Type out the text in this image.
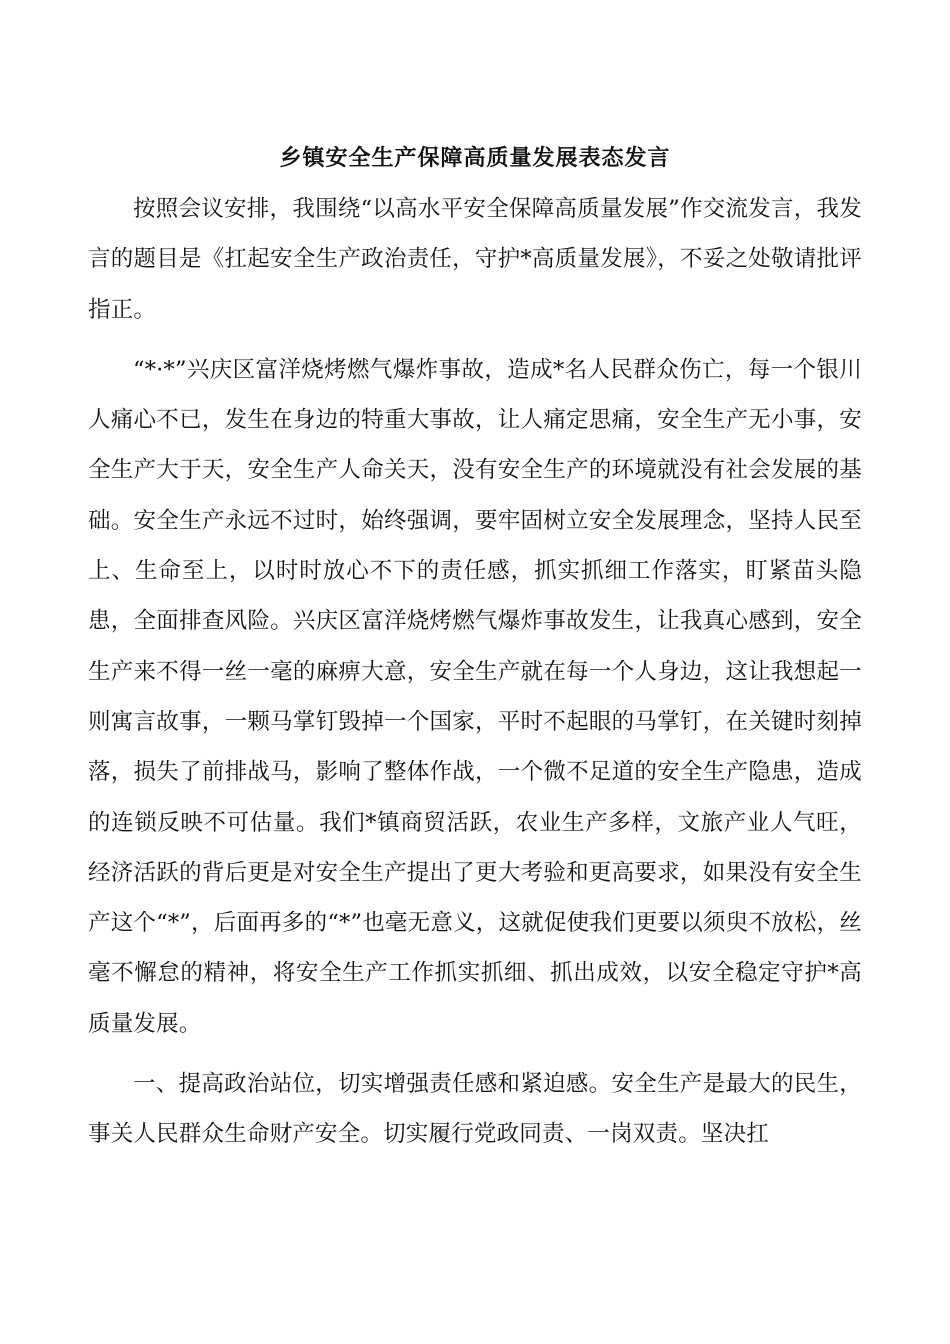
乡镇安全生产保障高质量发展表态发言

按照会议安排，我围绕“以高水平安全保障高质量发展”作交流发言，我发言的题目是《扛起安全生产政治责任，守护*高质量发展》，不妥之处敬请批评指正。

“*·*”兴庆区富洋烧烤燃气爆炸事故，造成*名人民群众伤亡，每一个银川人痛心不已，发生在身边的特重大事故，让人痛定思痛，安全生产无小事，安全生产大于天，安全生产人命关天，没有安全生产的环境就没有社会发展的基础。安全生产永远不过时，始终强调，要牢固树立安全发展理念，坚持人民至上、生命至上，以时时放心不下的责任感，抓实抓细工作落实，盯紧苗头隐患，全面排查风险。兴庆区富洋烧烤燃气爆炸事故发生，让我真心感到，安全生产来不得一丝一毫的麻痹大意，安全生产就在每一个人身边，这让我想起一则寓言故事，一颗马掌钉毁掉一个国家，平时不起眼的马掌钉，在关键时刻掉落，损失了前排战马，影响了整体作战，一个微不足道的安全生产隐患，造成的连锁反映不可估量。我们*镇商贸活跃，农业生产多样，文旅产业人气旺，经济活跃的背后更是对安全生产提出了更大考验和更高要求，如果没有安全生产这个“*”，后面再多的“*”也毫无意义，这就促使我们更要以须臾不放松，丝毫不懈怠的精神，将安全生产工作抓实抓细、抓出成效，以安全稳定守护*高质量发展。

一、提高政治站位，切实增强责任感和紧迫感。安全生产是最大的民生，事关人民群众生命财产安全。切实履行党政同责、一岗双责。坚决扛
